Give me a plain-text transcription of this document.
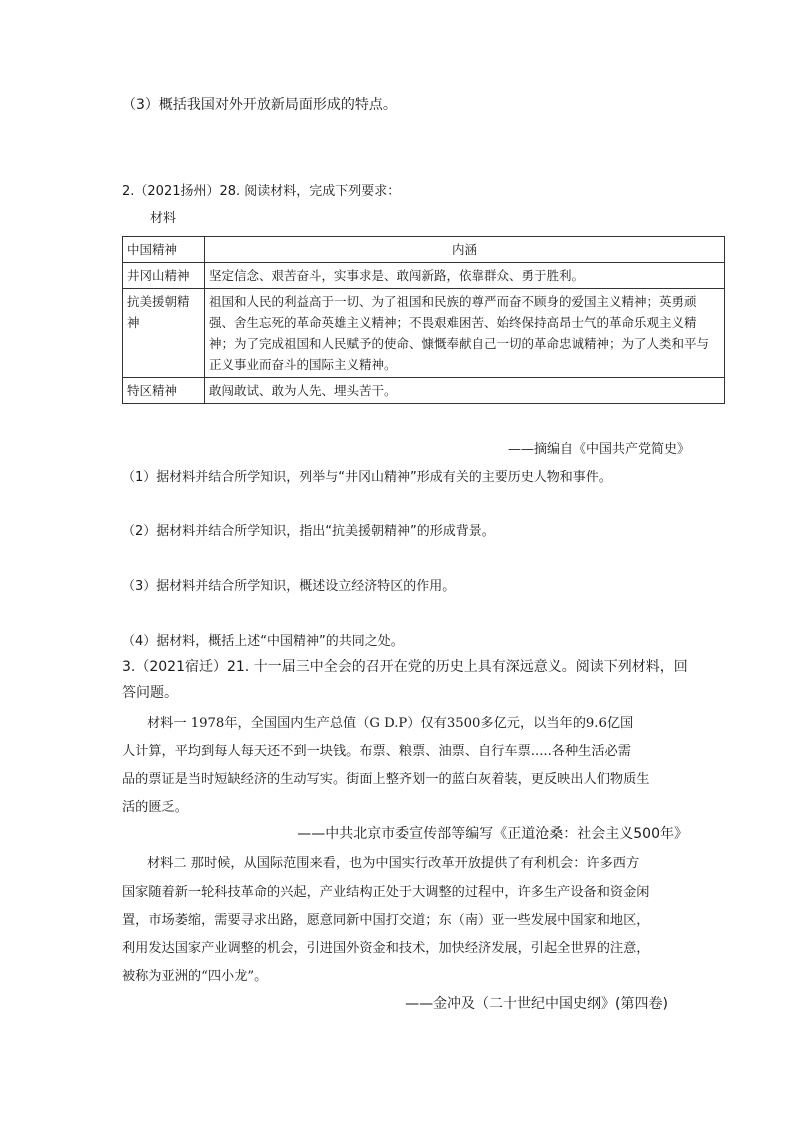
（3）概括我国对外开放新局面形成的特点。
2.（2021扬州）28. 阅读材料，完成下列要求：
材料
中国精神	内涵
井冈山精神	坚定信念、艰苦奋斗，实事求是、敢闯新路，依靠群众、勇于胜利。
抗美援朝精神	祖国和人民的利益高于一切、为了祖国和民族的尊严而奋不顾身的爱国主义精神；英勇顽强、舍生忘死的革命英雄主义精神；不畏艰难困苦、始终保持高昂士气的革命乐观主义精神；为了完成祖国和人民赋予的使命、慷慨奉献自己一切的革命忠诚精神；为了人类和平与正义事业而奋斗的国际主义精神。
特区精神	敢闯敢试、敢为人先、埋头苦干。
——摘编自《中国共产党简史》
（1）据材料并结合所学知识，列举与“井冈山精神”形成有关的主要历史人物和事件。
（2）据材料并结合所学知识，指出“抗美援朝精神”的形成背景。
（3）据材料并结合所学知识，概述设立经济特区的作用。
（4）据材料，概括上述“中国精神”的共同之处。
3.（2021宿迁）21. 十一届三中全会的召开在党的历史上具有深远意义。阅读下列材料，回
答问题。
材料一 1978年，全国国内生产总值（G D.P）仅有3500多亿元，以当年的9.6亿国
人计算，平均到每人每天还不到一块钱。布票、粮票、油票、自行车票.....各种生活必需
品的票证是当时短缺经济的生动写实。街面上整齐划一的蓝白灰着装，更反映出人们物质生
活的匮乏。
——中共北京市委宣传部等编写《正道沧桑：社会主义500年》
材料二 那时候，从国际范围来看，也为中国实行改革开放提供了有利机会：许多西方
国家随着新一轮科技革命的兴起，产业结构正处于大调整的过程中，许多生产设备和资金闲
置，市场萎缩，需要寻求出路，愿意同新中国打交道；东（南）亚一些发展中国家和地区，
利用发达国家产业调整的机会，引进国外资金和技术，加快经济发展，引起全世界的注意，
被称为亚洲的“四小龙”。
——金冲及（二十世纪中国史纲》(第四卷)
